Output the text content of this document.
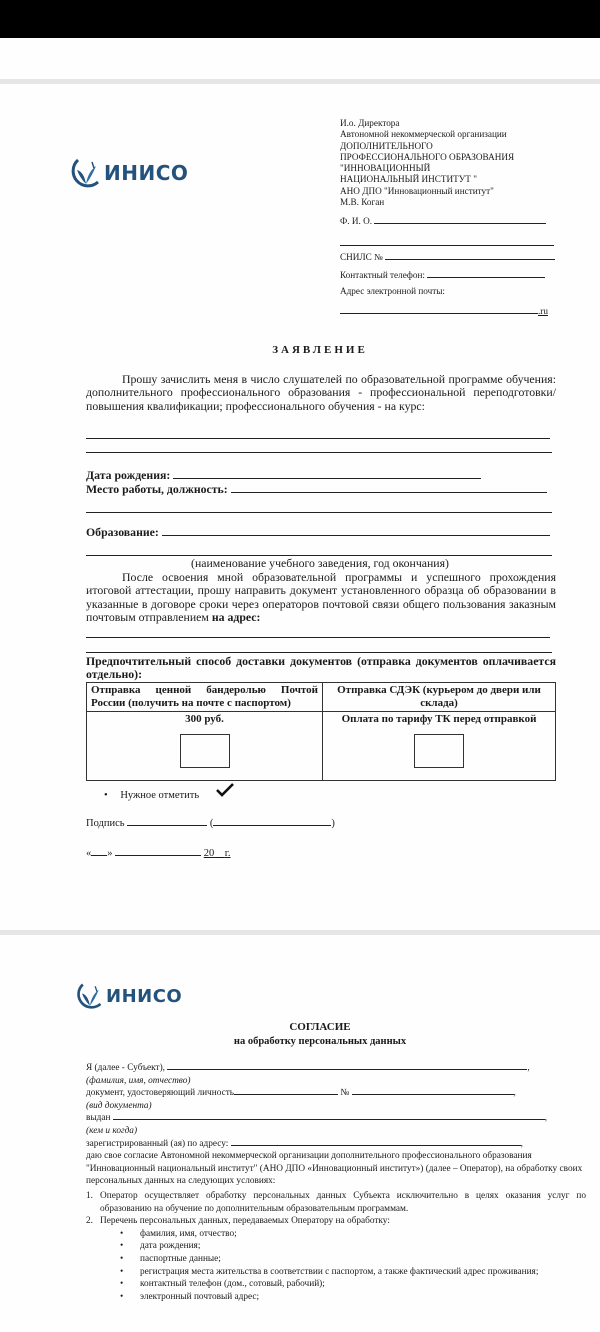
ИНИСО
И.о. Директора
Автономной некоммерческой организации
ДОПОЛНИТЕЛЬНОГО
ПРОФЕССИОНАЛЬНОГО ОБРАЗОВАНИЯ
"ИННОВАЦИОННЫЙ
НАЦИОНАЛЬНЫЙ ИНСТИТУТ "
АНО ДПО "Инновационный институт"
М.В. Коган
Ф. И. О.
СНИЛС №
Контактный телефон:
Адрес электронной почты:
.ru
ЗАЯВЛЕНИЕ
Прошу зачислить меня в число слушателей по образовательной программе обучения: дополнительного профессионального образования - профессиональной переподготовки/повышения квалификации; профессионального обучения - на курс:
Дата рождения:
Место работы, должность:
Образование:
(наименование учебного заведения, год окончания)
После освоения мной образовательной программы и успешного прохождения итоговой аттестации, прошу направить документ установленного образца об образовании в указанные в договоре сроки через операторов почтовой связи общего пользования заказным почтовым отправлением на адрес:
Предпочтительный способ доставки документов (отправка документов оплачивается отдельно):
Отправка ценной бандеролью Почтой России (получить на почте с паспортом)	Отправка СДЭК (курьером до двери или склада)

300 руб.	Оплата по тарифу ТК перед отправкой
• Нужное отметить
Подпись	(	)
« »	20 г.
ИНИСО
СОГЛАСИЕ
на обработку персональных данных
Я (далее - Субъект),	,
(фамилия, имя, отчество)
документ, удостоверяющий личность	№	,
(вид документа)
выдан	,
(кем и когда)
зарегистрированный (ая) по адресу:	,
даю свое согласие Автономной некоммерческой организации дополнительного профессионального образования "Инновационный национальный институт" (АНО ДПО «Инновационный институт») (далее – Оператор), на обработку своих персональных данных на следующих условиях:
1. Оператор осуществляет обработку персональных данных Субъекта исключительно в целях оказания услуг по образованию на обучение по дополнительным образовательным программам.
2. Перечень персональных данных, передаваемых Оператору на обработку:
•	фамилия, имя, отчество;
•	дата рождения;
•	паспортные данные;
•	регистрация места жительства в соответствии с паспортом, а также фактический адрес проживания;
•	контактный телефон (дом., сотовый, рабочий);
•	электронный почтовый адрес;
